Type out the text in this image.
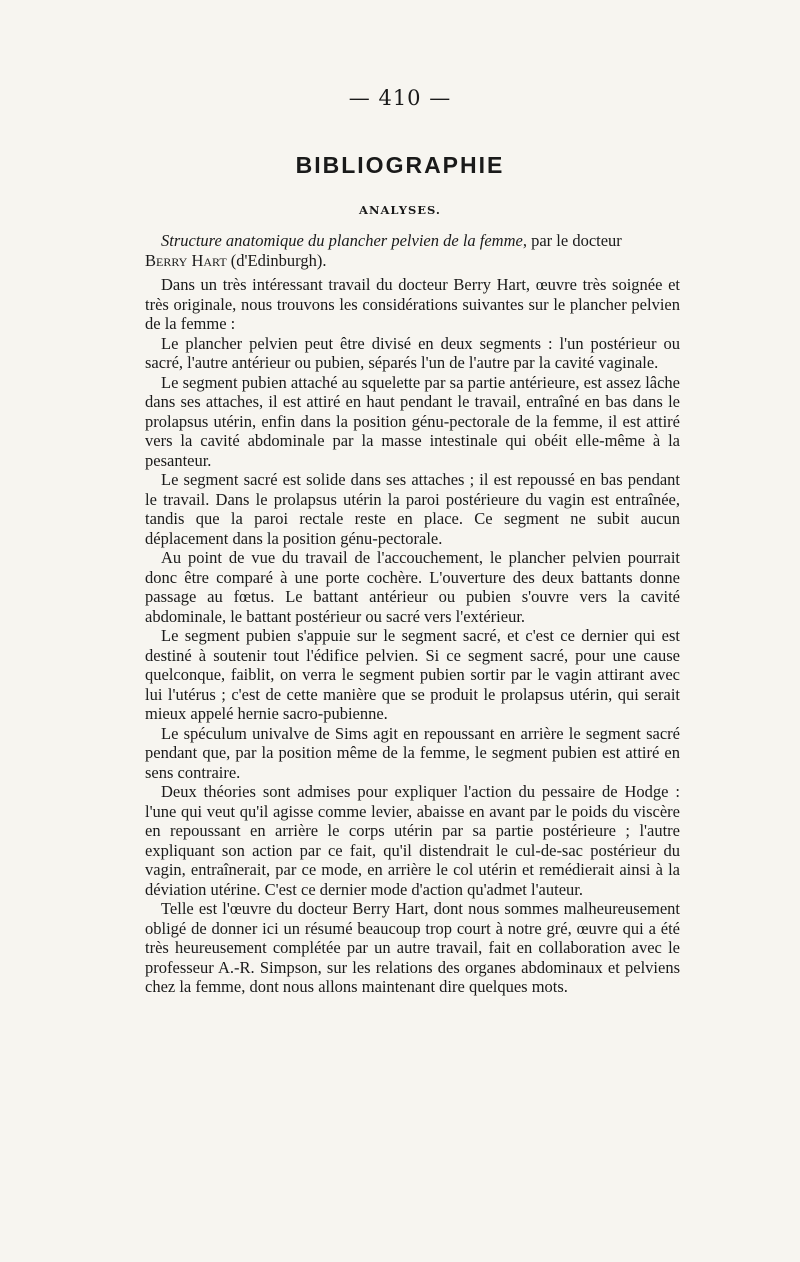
— 410 —
BIBLIOGRAPHIE
ANALYSES.

Structure anatomique du plancher pelvien de la femme, par le docteur
Berry Hart (d'Edinburgh).

Dans un très intéressant travail du docteur Berry Hart, œuvre très soignée et très originale, nous trouvons les considérations suivantes sur le plancher pelvien de la femme :

Le plancher pelvien peut être divisé en deux segments : l'un postérieur ou sacré, l'autre antérieur ou pubien, séparés l'un de l'autre par la cavité vaginale.

Le segment pubien attaché au squelette par sa partie antérieure, est assez lâche dans ses attaches, il est attiré en haut pendant le travail, entraîné en bas dans le prolapsus utérin, enfin dans la position génu-pectorale de la femme, il est attiré vers la cavité abdominale par la masse intestinale qui obéit elle-même à la pesanteur.

Le segment sacré est solide dans ses attaches ; il est repoussé en bas pendant le travail. Dans le prolapsus utérin la paroi postérieure du vagin est entraînée, tandis que la paroi rectale reste en place. Ce segment ne subit aucun déplacement dans la position génu-pectorale.

Au point de vue du travail de l'accouchement, le plancher pelvien pourrait donc être comparé à une porte cochère. L'ouverture des deux battants donne passage au fœtus. Le battant antérieur ou pubien s'ouvre vers la cavité abdominale, le battant postérieur ou sacré vers l'extérieur.

Le segment pubien s'appuie sur le segment sacré, et c'est ce dernier qui est destiné à soutenir tout l'édifice pelvien. Si ce segment sacré, pour une cause quelconque, faiblit, on verra le segment pubien sortir par le vagin attirant avec lui l'utérus ; c'est de cette manière que se produit le prolapsus utérin, qui serait mieux appelé hernie sacro-pubienne.

Le spéculum univalve de Sims agit en repoussant en arrière le segment sacré pendant que, par la position même de la femme, le segment pubien est attiré en sens contraire.

Deux théories sont admises pour expliquer l'action du pessaire de Hodge : l'une qui veut qu'il agisse comme levier, abaisse en avant par le poids du viscère en repoussant en arrière le corps utérin par sa partie postérieure ; l'autre expliquant son action par ce fait, qu'il distendrait le cul-de-sac postérieur du vagin, entraînerait, par ce mode, en arrière le col utérin et remédierait ainsi à la déviation utérine. C'est ce dernier mode d'action qu'admet l'auteur.

Telle est l'œuvre du docteur Berry Hart, dont nous sommes malheureusement obligé de donner ici un résumé beaucoup trop court à notre gré, œuvre qui a été très heureusement complétée par un autre travail, fait en collaboration avec le professeur A.-R. Simpson, sur les relations des organes abdominaux et pelviens chez la femme, dont nous allons maintenant dire quelques mots.
